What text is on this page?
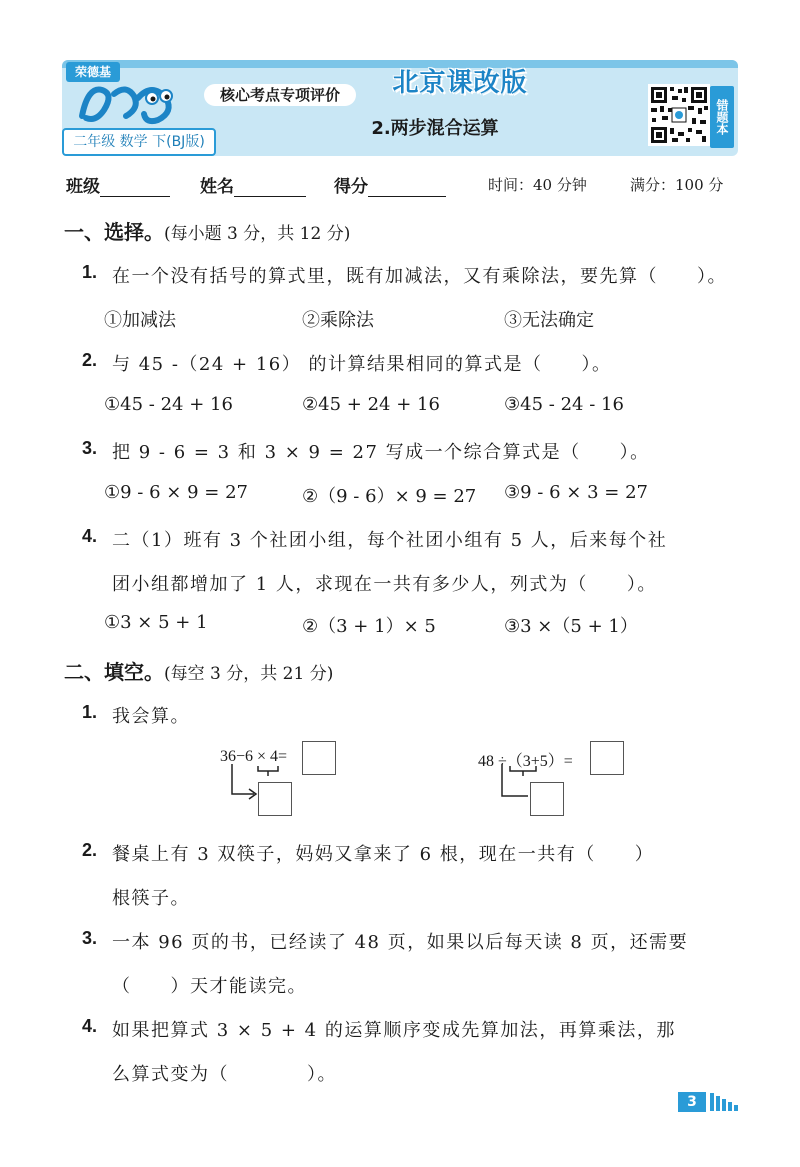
荣德基
二年级 数学 下(BJ版)
核心考点专项评价	北京课改版
2.两步混合运算	错题本
班级	姓名	得分	时间：40 分钟	满分：100 分
一、选择。(每小题 3 分，共 12 分)
1. 在一个没有括号的算式里，既有加减法，又有乘除法，要先算（　　）。
①加减法	②乘除法	③无法确定
2. 与 45 -（24 + 16） 的计算结果相同的算式是（　　）。
①45 - 24 + 16	②45 + 24 + 16	③45 - 24 - 16
3. 把 9 - 6 = 3 和 3 × 9 = 27 写成一个综合算式是（　　）。
①9 - 6 × 9 = 27	②（9 - 6）× 9 = 27 ③9 - 6 × 3 = 27
4. 二（1）班有 3 个社团小组，每个社团小组有 5 人，后来每个社
团小组都增加了 1 人，求现在一共有多少人，列式为（　　）。
①3 × 5 + 1	②（3 + 1）× 5	③3 ×（5 + 1）
二、填空。(每空 3 分，共 21 分)
1. 我会算。
36−6 × 4=	48 ÷（3+5）=
2. 餐桌上有 3 双筷子，妈妈又拿来了 6 根，现在一共有（　　）
根筷子。
3. 一本 96 页的书，已经读了 48 页，如果以后每天读 8 页，还需要
（　　）天才能读完。
4. 如果把算式 3 × 5 + 4 的运算顺序变成先算加法，再算乘法，那
么算式变为（　　　　）。
3
